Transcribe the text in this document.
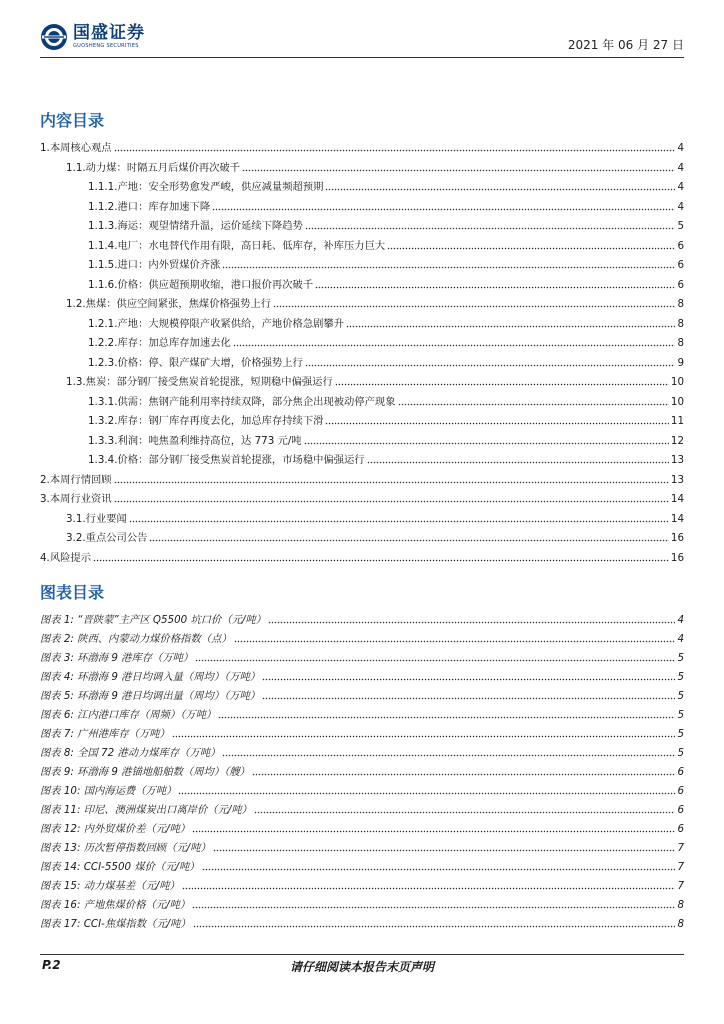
国盛证券
GUOSHENG SECURITIES	2021 年 06 月 27 日
内容目录
1.本周核心观点	4
1.1.动力煤：时隔五月后煤价再次破千	4
1.1.1.产地：安全形势愈发严峻，供应减量频超预期	4
1.1.2.港口：库存加速下降	4
1.1.3.海运：观望情绪升温，运价延续下降趋势	5
1.1.4.电厂：水电替代作用有限，高日耗、低库存，补库压力巨大	6
1.1.5.进口：内外贸煤价齐涨	6
1.1.6.价格：供应超预期收缩，港口报价再次破千	6
1.2.焦煤：供应空间紧张，焦煤价格强势上行	8
1.2.1.产地：大规模停限产收紧供给，产地价格急剧攀升	8
1.2.2.库存：加总库存加速去化	8
1.2.3.价格：停、限产煤矿大增，价格强势上行	9
1.3.焦炭：部分钢厂接受焦炭首轮提涨，短期稳中偏强运行	10
1.3.1.供需：焦钢产能利用率持续双降，部分焦企出现被动停产现象	10
1.3.2.库存：钢厂库存再度去化，加总库存持续下滑	11
1.3.3.利润：吨焦盈利维持高位，达 773 元/吨	12
1.3.4.价格：部分钢厂接受焦炭首轮提涨，市场稳中偏强运行	13
2.本周行情回顾	13
3.本周行业资讯	14
3.1.行业要闻	14
3.2.重点公司公告	16
4.风险提示	16
图表目录
图表 1: “晋陕蒙”主产区 Q5500 坑口价（元/吨）	4
图表 2: 陕西、内蒙动力煤价格指数（点）	4
图表 3: 环渤海 9 港库存（万吨）	5
图表 4: 环渤海 9 港日均调入量（周均）（万吨）	5
图表 5: 环渤海 9 港日均调出量（周均）（万吨）	5
图表 6: 江内港口库存（周频）（万吨）	5
图表 7: 广州港库存（万吨）	5
图表 8: 全国 72 港动力煤库存（万吨）	5
图表 9: 环渤海 9 港锚地船舶数（周均）（艘）	6
图表 10: 国内海运费（万吨）	6
图表 11: 印尼、澳洲煤炭出口离岸价（元/吨）	6
图表 12: 内外贸煤价差（元/吨）	6
图表 13: 历次暂停指数回顾（元/吨）	7
图表 14: CCI-5500 煤价（元/吨）	7
图表 15: 动力煤基差（元/吨）	7
图表 16: 产地焦煤价格（元/吨）	8
图表 17: CCI-焦煤指数（元/吨）	8
P.2	请仔细阅读本报告末页声明
